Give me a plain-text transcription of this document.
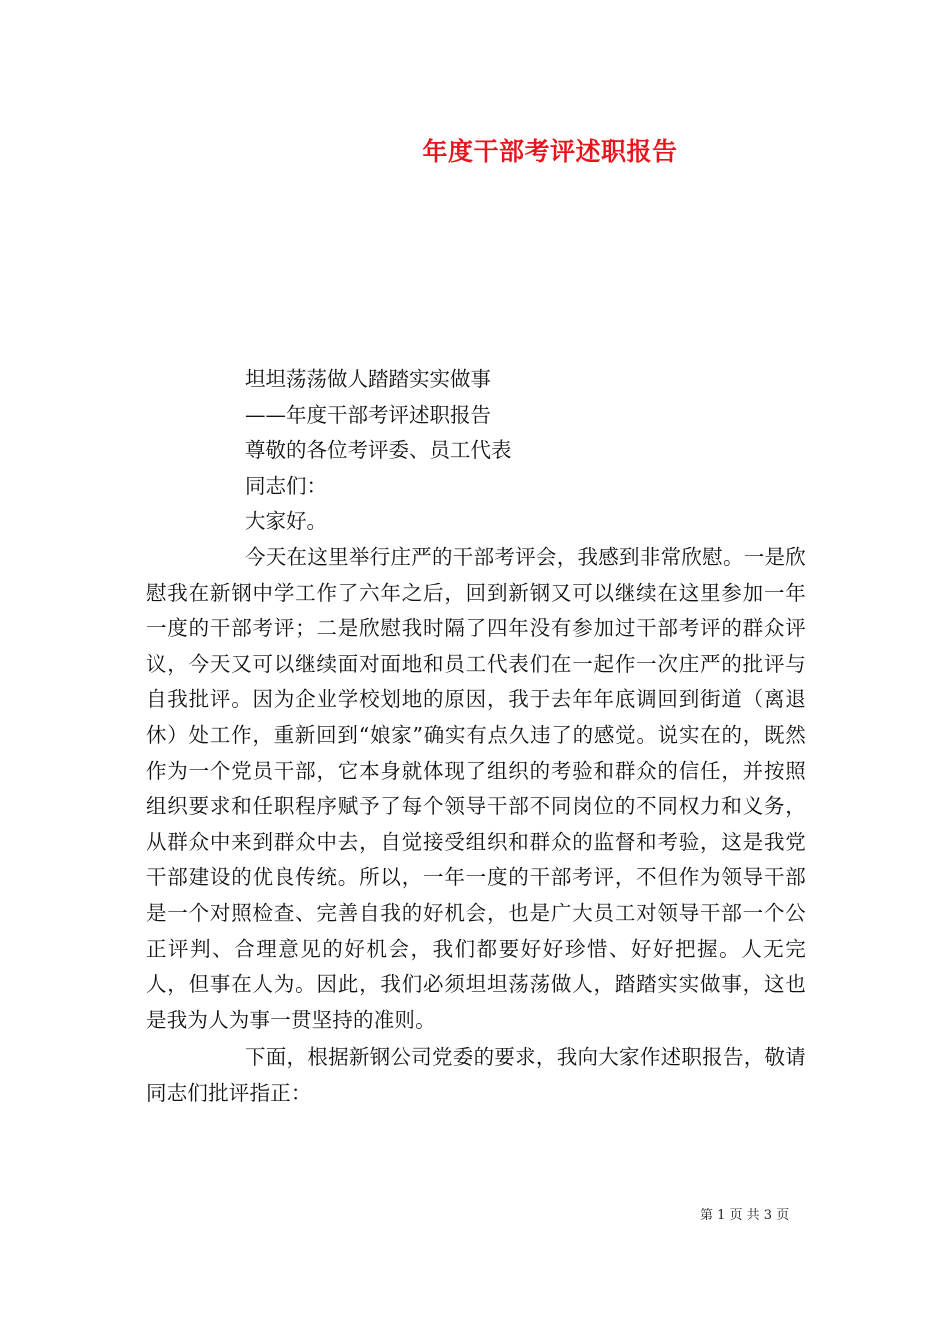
年度干部考评述职报告

坦坦荡荡做人踏踏实实做事

——年度干部考评述职报告

尊敬的各位考评委、员工代表

同志们：

大家好。

今天在这里举行庄严的干部考评会，我感到非常欣慰。一是欣慰我在新钢中学工作了六年之后，回到新钢又可以继续在这里参加一年一度的干部考评；二是欣慰我时隔了四年没有参加过干部考评的群众评议，今天又可以继续面对面地和员工代表们在一起作一次庄严的批评与自我批评。因为企业学校划地的原因，我于去年年底调回到街道（离退休）处工作，重新回到“娘家”确实有点久违了的感觉。说实在的，既然作为一个党员干部，它本身就体现了组织的考验和群众的信任，并按照组织要求和任职程序赋予了每个领导干部不同岗位的不同权力和义务，从群众中来到群众中去，自觉接受组织和群众的监督和考验，这是我党干部建设的优良传统。所以，一年一度的干部考评，不但作为领导干部是一个对照检查、完善自我的好机会，也是广大员工对领导干部一个公正评判、合理意见的好机会，我们都要好好珍惜、好好把握。人无完人，但事在人为。因此，我们必须坦坦荡荡做人，踏踏实实做事，这也是我为人为事一贯坚持的准则。

下面，根据新钢公司党委的要求，我向大家作述职报告，敬请同志们批评指正：

第 1 页 共 3 页
